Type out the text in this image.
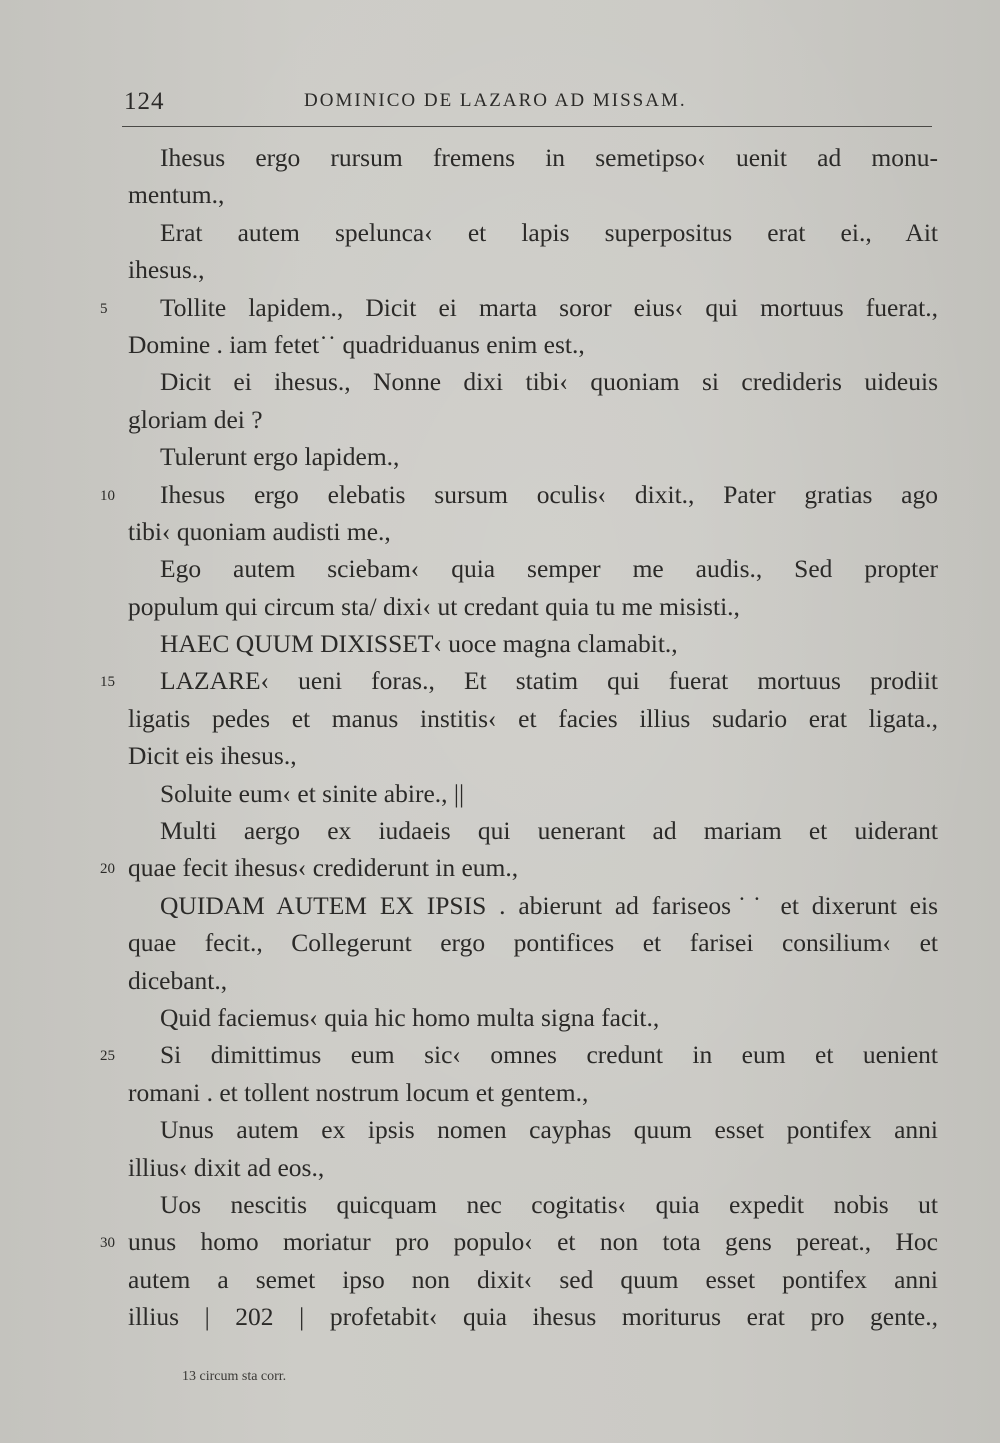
124	DOMINICO DE LAZARO AD MISSAM.
Ihesus ergo rursum fremens in semetipso‹ uenit ad monu-
mentum.,
Erat autem spelunca‹ et lapis superpositus erat ei., Ait
ihesus.,
5	Tollite lapidem., Dicit ei marta soror eius‹ qui mortuus fuerat.,
Domine . iam fetet˙˙ quadriduanus enim est.,
Dicit ei ihesus., Nonne dixi tibi‹ quoniam si credideris uideuis
gloriam dei ?
Tulerunt ergo lapidem.,
10	Ihesus ergo elebatis sursum oculis‹ dixit., Pater gratias ago
tibi‹ quoniam audisti me.,
Ego autem sciebam‹ quia semper me audis., Sed propter
populum qui circum sta/ dixi‹ ut credant quia tu me misisti.,
HAEC QUUM DIXISSET‹ uoce magna clamabit.,
15	LAZARE‹ ueni foras., Et statim qui fuerat mortuus prodiit
ligatis pedes et manus institis‹ et facies illius sudario erat ligata.,
Dicit eis ihesus.,
Soluite eum‹ et sinite abire., ||
Multi aergo ex iudaeis qui uenerant ad mariam et uiderant
20 quae fecit ihesus‹ crediderunt in eum.,
QUIDAM AUTEM EX IPSIS . abierunt ad fariseos˙˙ et dixerunt eis
quae fecit., Collegerunt ergo pontifices et farisei consilium‹ et
dicebant.,
Quid faciemus‹ quia hic homo multa signa facit.,
25	Si dimittimus eum sic‹ omnes credunt in eum et uenient
romani . et tollent nostrum locum et gentem.,
Unus autem ex ipsis nomen cayphas quum esset pontifex anni
illius‹ dixit ad eos.,
Uos nescitis quicquam nec cogitatis‹ quia expedit nobis ut
30 unus homo moriatur pro populo‹ et non tota gens pereat., Hoc
autem a semet ipso non dixit‹ sed quum esset pontifex anni
illius | 202 | profetabit‹ quia ihesus moriturus erat pro gente.,
13 circum sta corr.
